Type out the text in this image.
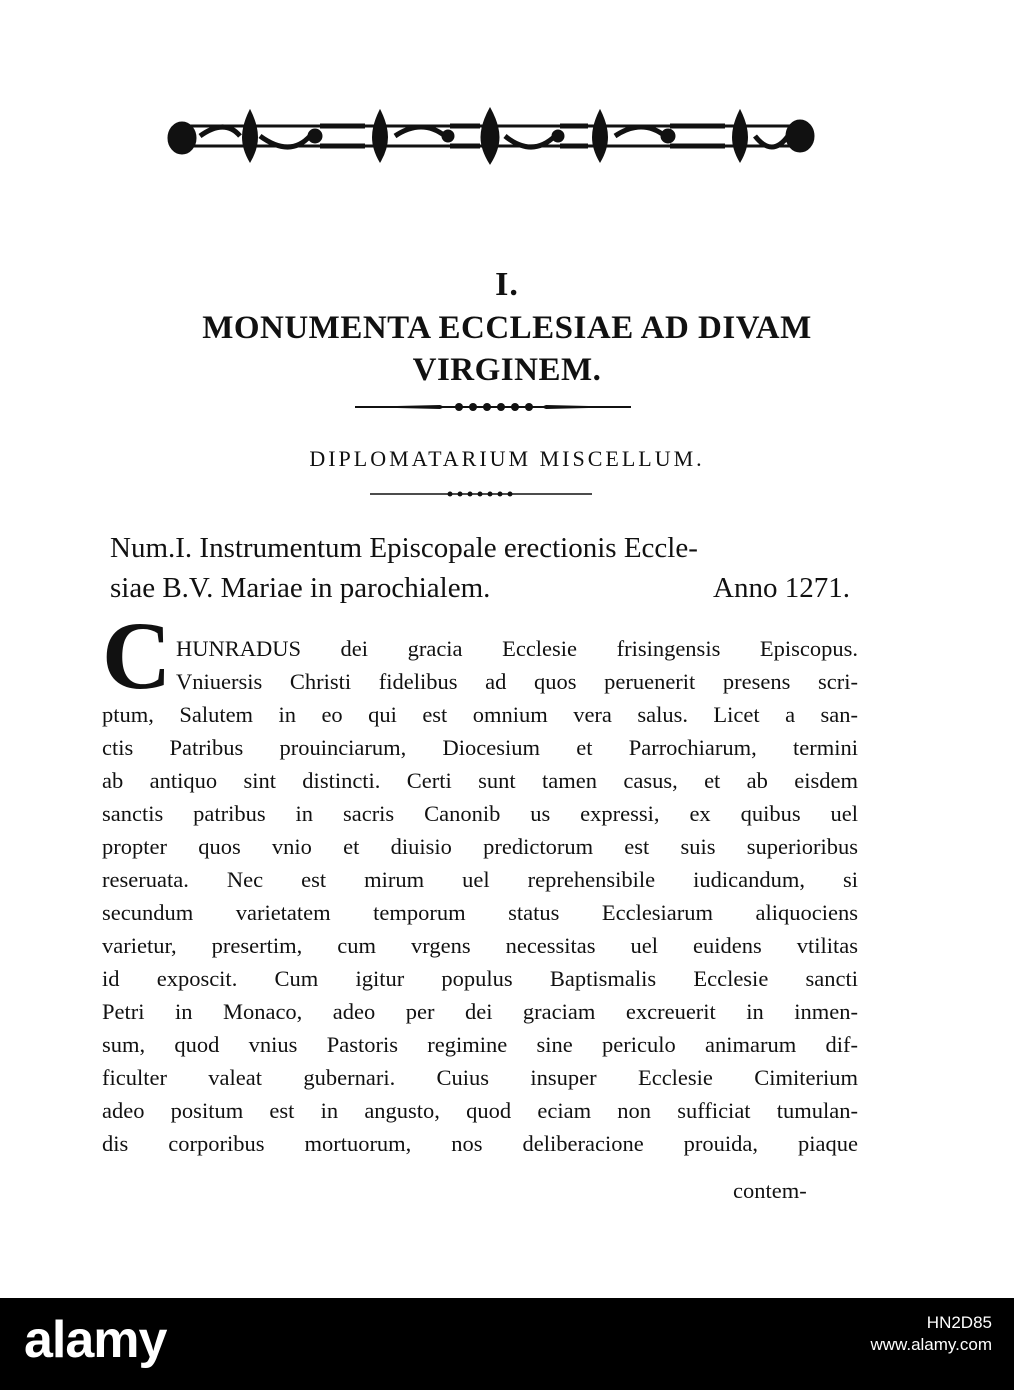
I.
MONUMENTA ECCLESIAE AD DIVAM
VIRGINEM.
DIPLOMATARIUM MISCELLUM.
Num.I. Instrumentum Episcopale erectionis Eccle-
siae B.V. Mariae in parochialem.	Anno 1271.
C HUNRADUS dei gracia Ecclesie frisingensis Episcopus.
Vniuersis Christi fidelibus ad quos peruenerit presens scri-
ptum, Salutem in eo qui est omnium vera salus. Licet a san-
ctis Patribus prouinciarum, Diocesium et Parrochiarum, termini
ab antiquo sint distincti. Certi sunt tamen casus, et ab eisdem
sanctis patribus in sacris Canonib us expressi, ex quibus uel
propter quos vnio et diuisio predictorum est suis superioribus
reseruata. Nec est mirum uel reprehensibile iudicandum, si
secundum varietatem temporum status Ecclesiarum aliquociens
varietur, presertim, cum vrgens necessitas uel euidens vtilitas
id exposcit. Cum igitur populus Baptismalis Ecclesie sancti
Petri in Monaco, adeo per dei graciam excreuerit in inmen-
sum, quod vnius Pastoris regimine sine periculo animarum dif-
ficulter valeat gubernari. Cuius insuper Ecclesie Cimiterium
adeo positum est in angusto, quod eciam non sufficiat tumulan-
dis corporibus mortuorum, nos deliberacione prouida, piaque
contem-
alamy	HN2D85
www.alamy.com
